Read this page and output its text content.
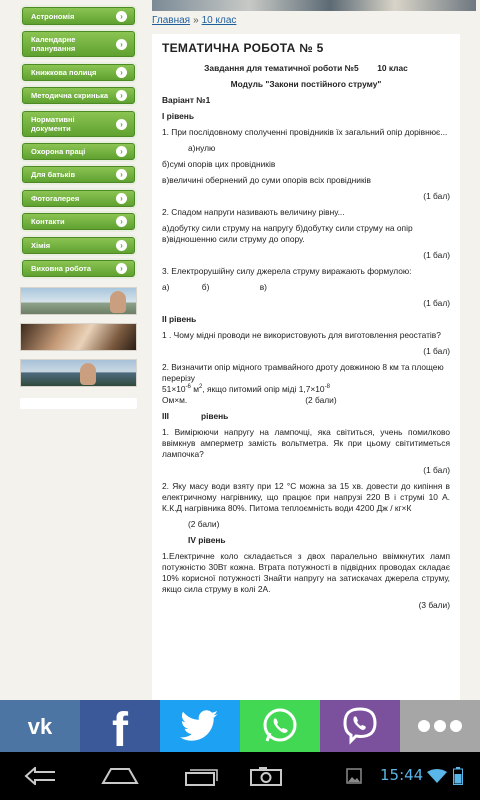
Астрономія	›
Календарне планування	›
Книжкова полиця	›
Методична скринька	›
Нормативні документи	›
Охорона праці	›
Для батьків	›
Фотогалерея	›
Контакти	›
Хімія	›
Виховна робота	›
Главная » 10 клас
ТЕМАТИЧНА РОБОТА № 5
Завдання для тематичної роботи №5        10 клас
Модуль "Закони постійного струму"
Варіант №1
І рівень
1. При послідовному сполученні провідників їх загальний опір дорівнює...
а)нулю
б)сумі опорів цих провідників
в)величині обернений до суми опорів всіх провідників
(1 бал)
2. Спадом напруги називають величину рівну...
а)добутку сили струму на напругу б)добутку сили струму на опір в)відношенню сили струму до опору.
(1 бал)
3. Електрорушійну силу джерела струму виражають формулою:
а)	б)	в)
(1 бал)
ІІ рівень
1 . Чому мідні проводи не використовують для виготовлення реостатів?
(1 бал)
2. Визначити опір мідного трамвайного дроту довжиною 8 км та площею перерізу
$51\times 10^{-6}$ $м^2$, якщо питомий опір міді $1,7\times 10^{-8}$
Ом×м.	(2 бали)
ІІІ	рівень
1. Вимірюючи напругу на лампочці, яка світиться, учень помилково ввімкнув амперметр замість вольтметра. Як при цьому світитиметься лампочка?
(1 бал)
2. Яку масу води взяту при 12 °С можна за 15 хв. довести до кипіння в електричному нагрівнику, що працює при напрузі 220 В і струмі 10 А. К.К.Д нагрівника 80%. Питома теплоємність води 4200 Дж / кг×К
(2 бали)
ІV рівень
1.Електричне коло складається з двох паралельно ввімкнутих ламп потужністю 30Вт кожна. Втрата потужності в підвідних проводах складає 10% корисної потужності Знайти напругу на затискачах джерела струму, якщо сила струму в колі 2А.
(3 бали)
vk f
15:44
